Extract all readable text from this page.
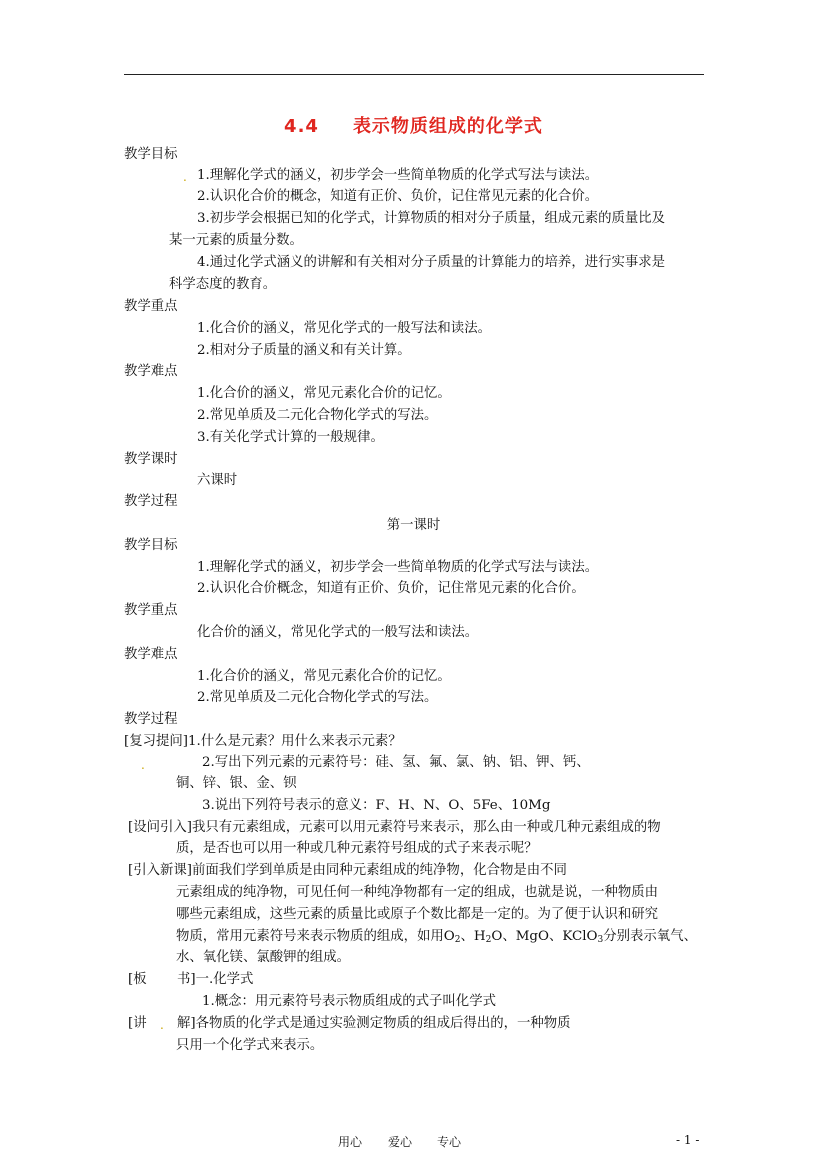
4.4 表示物质组成的化学式
教学目标
. 1.理解化学式的涵义，初步学会一些简单物质的化学式写法与读法。
2.认识化合价的概念，知道有正价、负价，记住常见元素的化合价。
3.初步学会根据已知的化学式，计算物质的相对分子质量，组成元素的质量比及
某一元素的质量分数。
4.通过化学式涵义的讲解和有关相对分子质量的计算能力的培养，进行实事求是
科学态度的教育。
教学重点
1.化合价的涵义，常见化学式的一般写法和读法。
2.相对分子质量的涵义和有关计算。
教学难点
1.化合价的涵义，常见元素化合价的记忆。
2.常见单质及二元化合物化学式的写法。
3.有关化学式计算的一般规律。
教学课时
六课时
教学过程
第一课时
教学目标
1.理解化学式的涵义，初步学会一些简单物质的化学式写法与读法。
2.认识化合价概念，知道有正价、负价，记住常见元素的化合价。
教学重点
化合价的涵义，常见化学式的一般写法和读法。
教学难点
1.化合价的涵义，常见元素化合价的记忆。
2.常见单质及二元化合物化学式的写法。
教学过程
[复习提问]1.什么是元素？用什么来表示元素？
.	2.写出下列元素的元素符号：硅、氢、氟、氯、钠、铝、钾、钙、
铜、锌、银、金、钡
3.说出下列符号表示的意义：F、H、N、O、5Fe、10Mg
[设问引入]我只有元素组成，元素可以用元素符号来表示，那么由一种或几种元素组成的物
质，是否也可以用一种或几种元素符号组成的式子来表示呢？
[引入新课]前面我们学到单质是由同种元素组成的纯净物，化合物是由不同
元素组成的纯净物，可见任何一种纯净物都有一定的组成，也就是说，一种物质由
哪些元素组成，这些元素的质量比或原子个数比都是一定的。为了便于认识和研究
物质，常用元素符号来表示物质的组成，如用$O_2$、$H_2O$、MgO、KClO$_3$分别表示氧气、
水、氧化镁、氯酸钾的组成。
[板 书]一.化学式
1.概念：用元素符号表示物质组成的式子叫化学式
[讲 . 解]各物质的化学式是通过实验测定物质的组成后得出的，一种物质
只用一个化学式来表示。
用心 爱心 专心	- 1 -
